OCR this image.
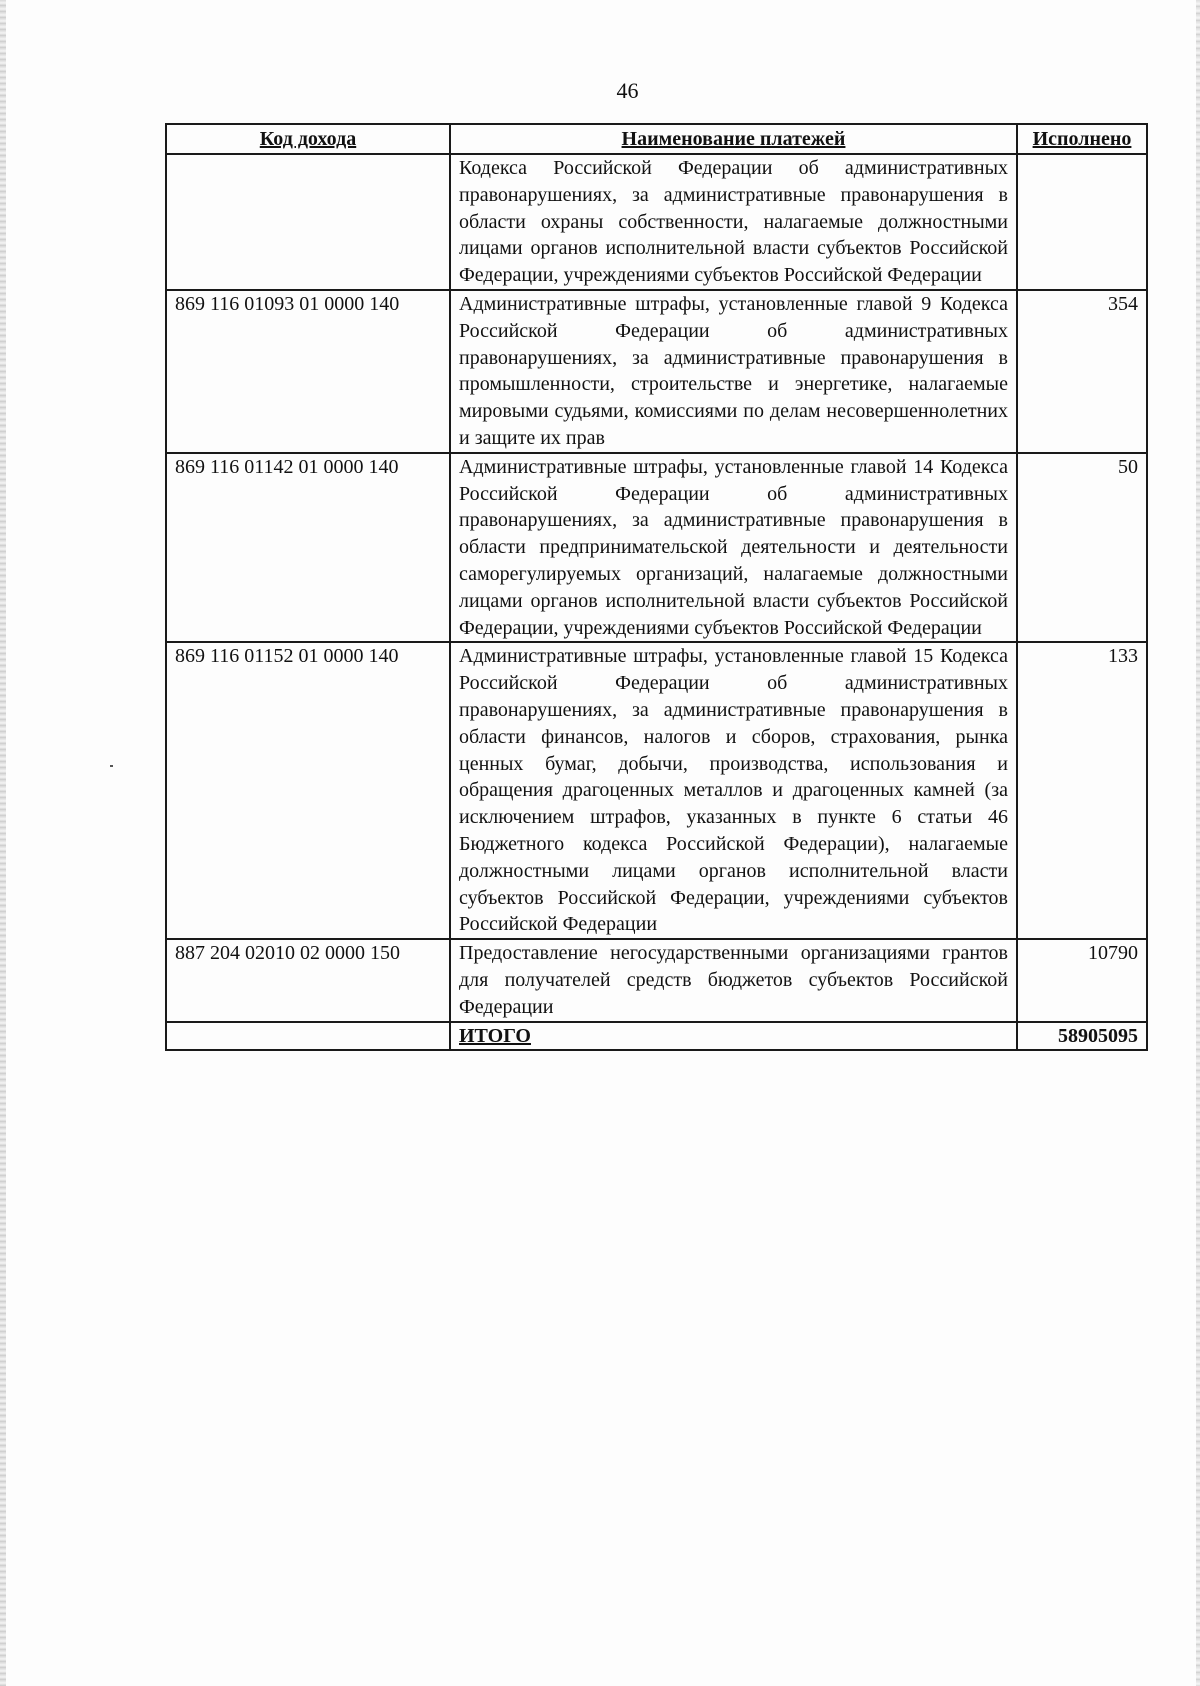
46
Код дохода	Наименование платежей	Исполнено
	Кодекса Российской Федерации об административных правонарушениях, за административные правонарушения в области охраны собственности, налагаемые должностными лицами органов исполнительной власти субъектов Российской Федерации, учреждениями субъектов Российской Федерации	
869 116 01093 01 0000 140	Административные штрафы, установленные главой 9 Кодекса Российской Федерации об административных правонарушениях, за административные правонарушения в промышленности, строительстве и энергетике, налагаемые мировыми судьями, комиссиями по делам несовершеннолетних и защите их прав	354
869 116 01142 01 0000 140	Административные штрафы, установленные главой 14 Кодекса Российской Федерации об административных правонарушениях, за административные правонарушения в области предпринимательской деятельности и деятельности саморегулируемых организаций, налагаемые должностными лицами органов исполнительной власти субъектов Российской Федерации, учреждениями субъектов Российской Федерации	50
869 116 01152 01 0000 140	Административные штрафы, установленные главой 15 Кодекса Российской Федерации об административных правонарушениях, за административные правонарушения в области финансов, налогов и сборов, страхования, рынка ценных бумаг, добычи, производства, использования и обращения драгоценных металлов и драгоценных камней (за исключением штрафов, указанных в пункте 6 статьи 46 Бюджетного кодекса Российской Федерации), налагаемые должностными лицами органов исполнительной власти субъектов Российской Федерации, учреждениями субъектов Российской Федерации	133
887 204 02010 02 0000 150	Предоставление негосударственными организациями грантов для получателей средств бюджетов субъектов Российской Федерации	10790
	ИТОГО	58905095
